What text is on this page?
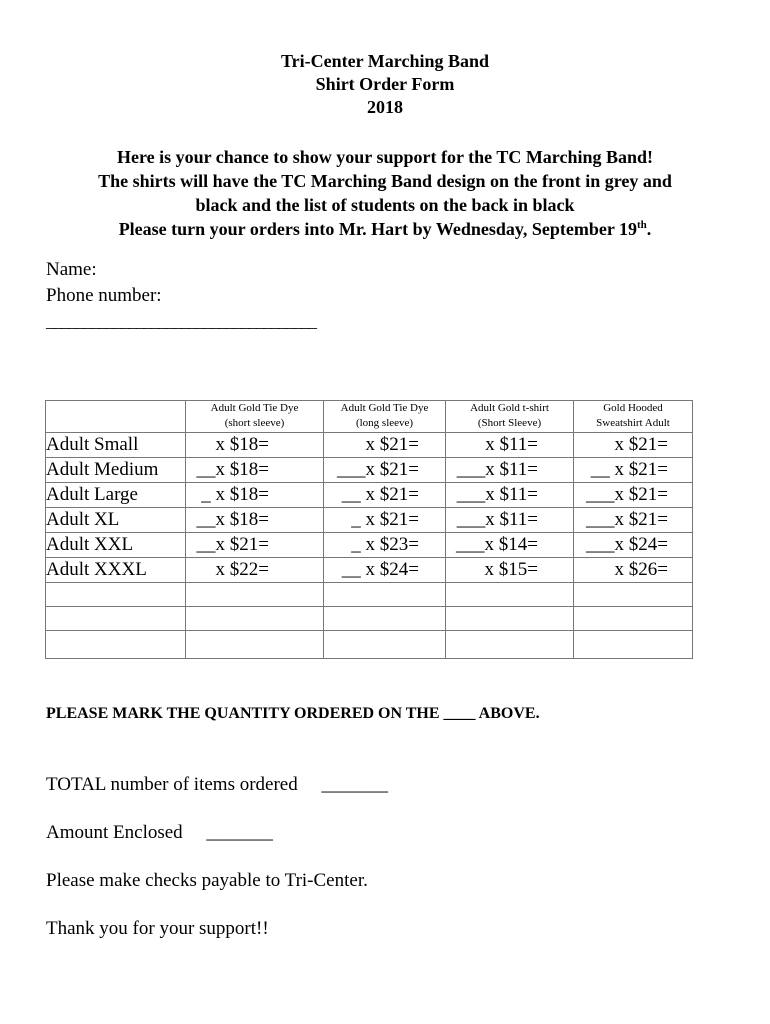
Tri-Center Marching Band
Shirt Order Form
2018
Here is your chance to show your support for the TC Marching Band!
The shirts will have the TC Marching Band design on the front in grey and
black and the list of students on the back in black
Please turn your orders into Mr. Hart by Wednesday, September 19th.
Name:
Phone number:
____________________________________

	Adult Gold Tie Dye
(short sleeve)	Adult Gold Tie Dye
(long sleeve)	Adult Gold t-shirt
(Short Sleeve)	Gold Hooded
Sweatshirt Adult

Adult Small	x $18=	x $21=	x $11=	x $21=
Adult Medium	__x $18=	___x $21=	___x $11=	__ x $21=
Adult Large	_ x $18=	__ x $21=	___x $11=	___x $21=
Adult XL	__x $18=	_ x $21=	___x $11=	___x $21=
Adult XXL	__x $21=	_ x $23=	___x $14=	___x $24=
Adult XXXL	x $22=	__ x $24=	x $15=	x $26=

PLEASE MARK THE QUANTITY ORDERED ON THE ____ ABOVE.
TOTAL number of items ordered     _______
Amount Enclosed     _______
Please make checks payable to Tri-Center.
Thank you for your support!!
